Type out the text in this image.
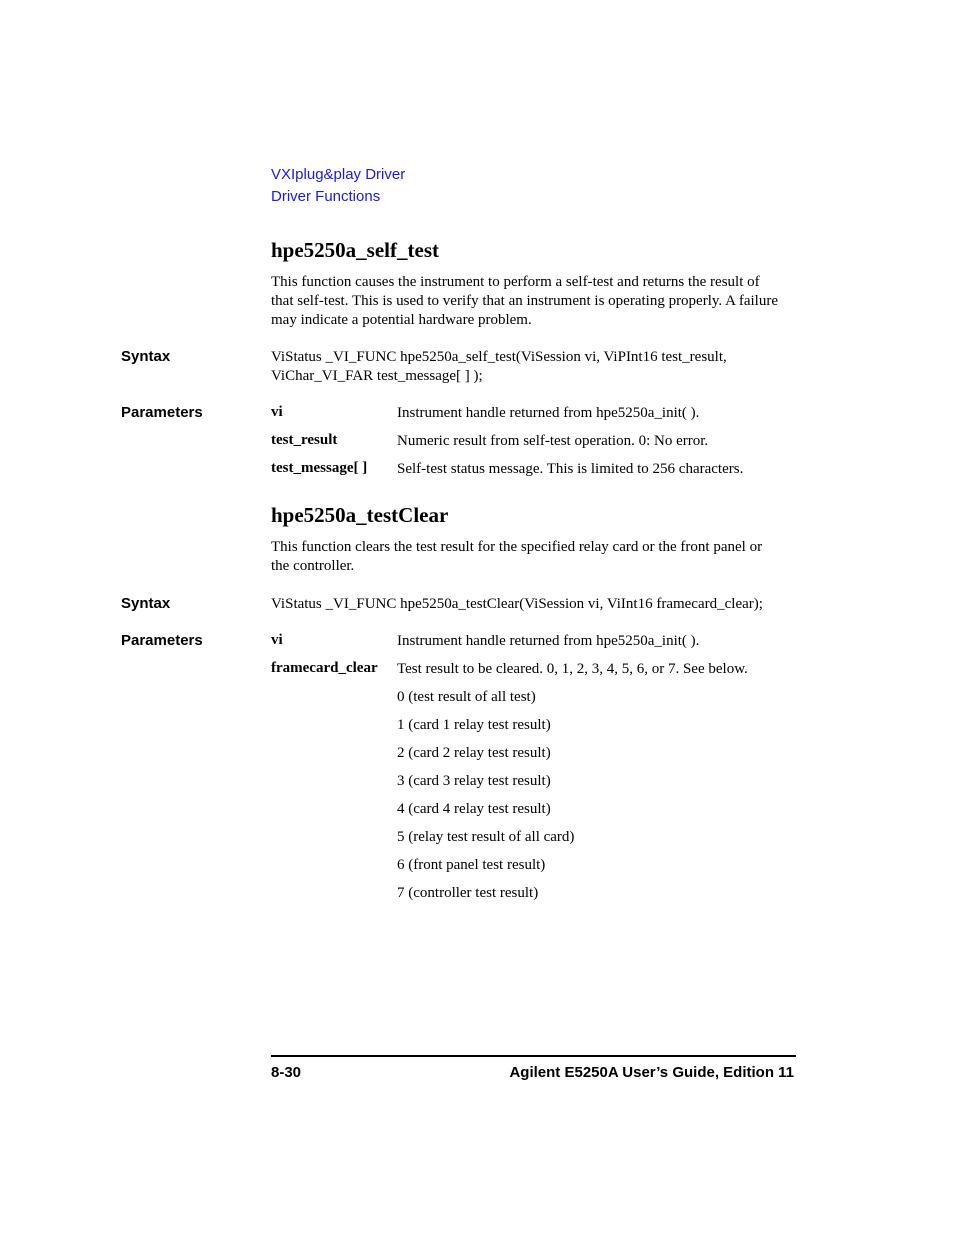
VXIplug&play Driver
Driver Functions
hpe5250a_self_test
This function causes the instrument to perform a self-test and returns the result of
that self-test. This is used to verify that an instrument is operating properly. A failure
may indicate a potential hardware problem.
Syntax	ViStatus _VI_FUNC hpe5250a_self_test(ViSession vi, ViPInt16 test_result,
ViChar_VI_FAR test_message[ ] );
Parameters	vi	Instrument handle returned from hpe5250a_init( ).
test_result	Numeric result from self-test operation. 0: No error.
test_message[ ] Self-test status message. This is limited to 256 characters.
hpe5250a_testClear
This function clears the test result for the specified relay card or the front panel or
the controller.
Syntax	ViStatus _VI_FUNC hpe5250a_testClear(ViSession vi, ViInt16 framecard_clear);
Parameters	vi	Instrument handle returned from hpe5250a_init( ).
framecard_clear Test result to be cleared. 0, 1, 2, 3, 4, 5, 6, or 7. See below.
0 (test result of all test)
1 (card 1 relay test result)
2 (card 2 relay test result)
3 (card 3 relay test result)
4 (card 4 relay test result)
5 (relay test result of all card)
6 (front panel test result)
7 (controller test result)
8-30	Agilent E5250A User’s Guide, Edition 11
